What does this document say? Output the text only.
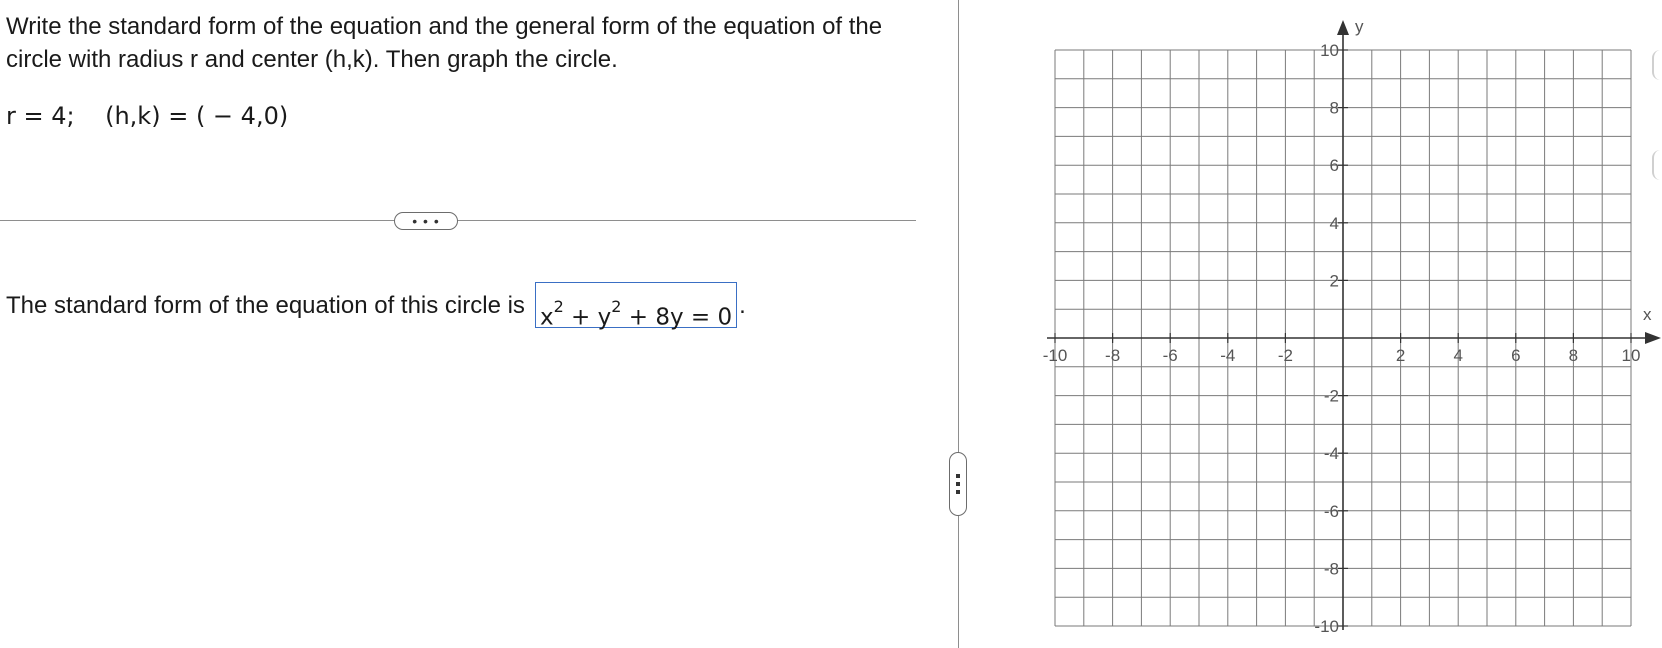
Write the standard form of the equation and the general form of the equation of the circle with radius r and center (h,k). Then graph the circle.

r = 4;    (h,k) = ( − 4,0)
• • •
The standard form of the equation of this circle is $x^2 + y^2 + 8y = 0$ .
-10 -8 -6 -4 -2	2	4	6	8	10
10
8
6
4
2
-2
-4
-6
-8
-10
x
y
